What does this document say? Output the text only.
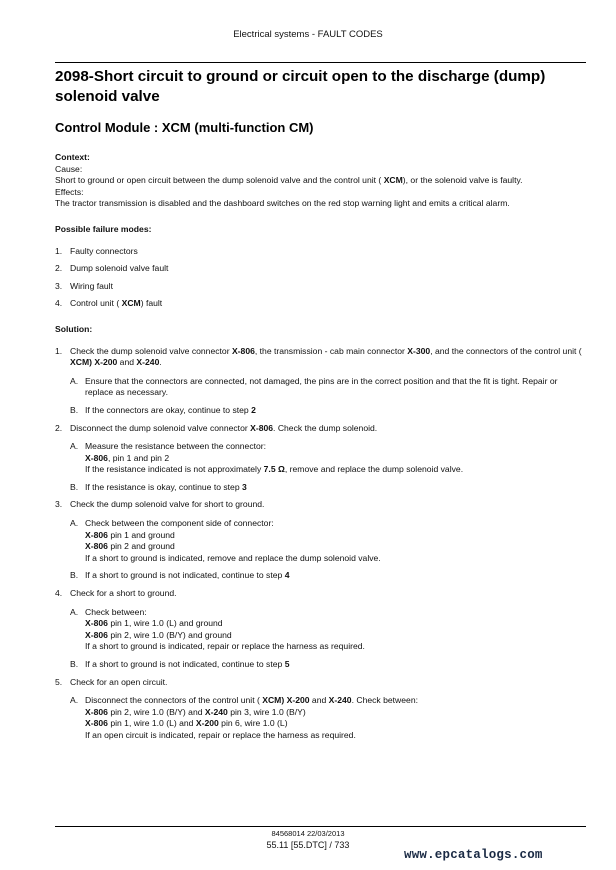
Electrical systems - FAULT CODES
2098-Short circuit to ground or circuit open to the discharge (dump) solenoid valve
Control Module : XCM (multi-function CM)

Context:

Cause:

Short to ground or open circuit between the dump solenoid valve and the control unit ( XCM), or the solenoid valve is faulty.

Effects:

The tractor transmission is disabled and the dashboard switches on the red stop warning light and emits a critical alarm.

Possible failure modes:
1. Faulty connectors
2. Dump solenoid valve fault
3. Wiring fault
4. Control unit ( XCM) fault
Solution:
1. Check the dump solenoid valve connector X-806, the transmission - cab main connector X-300, and the connectors of the control unit ( XCM) X-200 and X-240.
A. Ensure that the connectors are connected, not damaged, the pins are in the correct position and that the fit is tight. Repair or replace as necessary.
B. If the connectors are okay, continue to step 2
2. Disconnect the dump solenoid valve connector X-806. Check the dump solenoid.
A. Measure the resistance between the connector:
X-806, pin 1 and pin 2
If the resistance indicated is not approximately 7.5 Ω, remove and replace the dump solenoid valve.
B. If the resistance is okay, continue to step 3
3. Check the dump solenoid valve for short to ground.
A. Check between the component side of connector:
X-806 pin 1 and ground
X-806 pin 2 and ground
If a short to ground is indicated, remove and replace the dump solenoid valve.
B. If a short to ground is not indicated, continue to step 4
4. Check for a short to ground.
A. Check between:
X-806 pin 1, wire 1.0 (L) and ground
X-806 pin 2, wire 1.0 (B/Y) and ground
If a short to ground is indicated, repair or replace the harness as required.
B. If a short to ground is not indicated, continue to step 5
5. Check for an open circuit.
A. Disconnect the connectors of the control unit ( XCM) X-200 and X-240. Check between:
X-806 pin 2, wire 1.0 (B/Y) and X-240 pin 3, wire 1.0 (B/Y)
X-806 pin 1, wire 1.0 (L) and X-200 pin 6, wire 1.0 (L)
If an open circuit is indicated, repair or replace the harness as required.
84568014 22/03/2013
55.11 [55.DTC] / 733
www.epcatalogs.com
